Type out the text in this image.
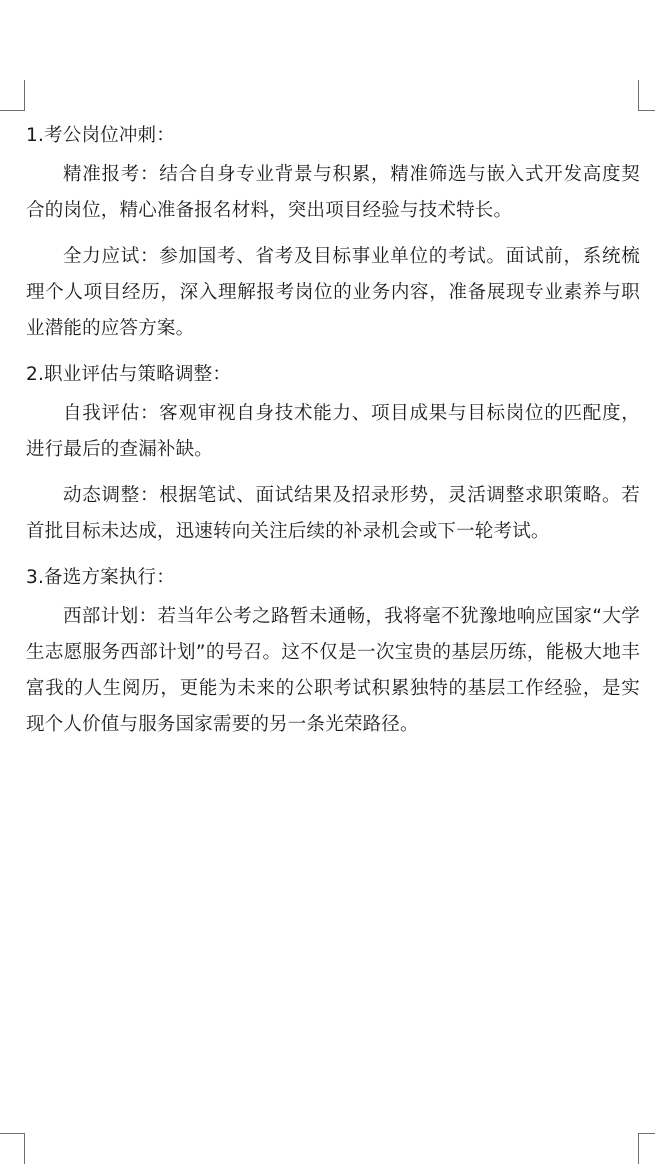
1.考公岗位冲刺：

精准报考：结合自身专业背景与积累，精准筛选与嵌入式开发高度契合的岗位，精心准备报名材料，突出项目经验与技术特长。

全力应试：参加国考、省考及目标事业单位的考试。面试前，系统梳理个人项目经历，深入理解报考岗位的业务内容，准备展现专业素养与职业潜能的应答方案。

2.职业评估与策略调整：

自我评估：客观审视自身技术能力、项目成果与目标岗位的匹配度，进行最后的查漏补缺。

动态调整：根据笔试、面试结果及招录形势，灵活调整求职策略。若首批目标未达成，迅速转向关注后续的补录机会或下一轮考试。

3.备选方案执行：

西部计划：若当年公考之路暂未通畅，我将毫不犹豫地响应国家“大学生志愿服务西部计划”的号召。这不仅是一次宝贵的基层历练，能极大地丰富我的人生阅历，更能为未来的公职考试积累独特的基层工作经验，是实现个人价值与服务国家需要的另一条光荣路径。
